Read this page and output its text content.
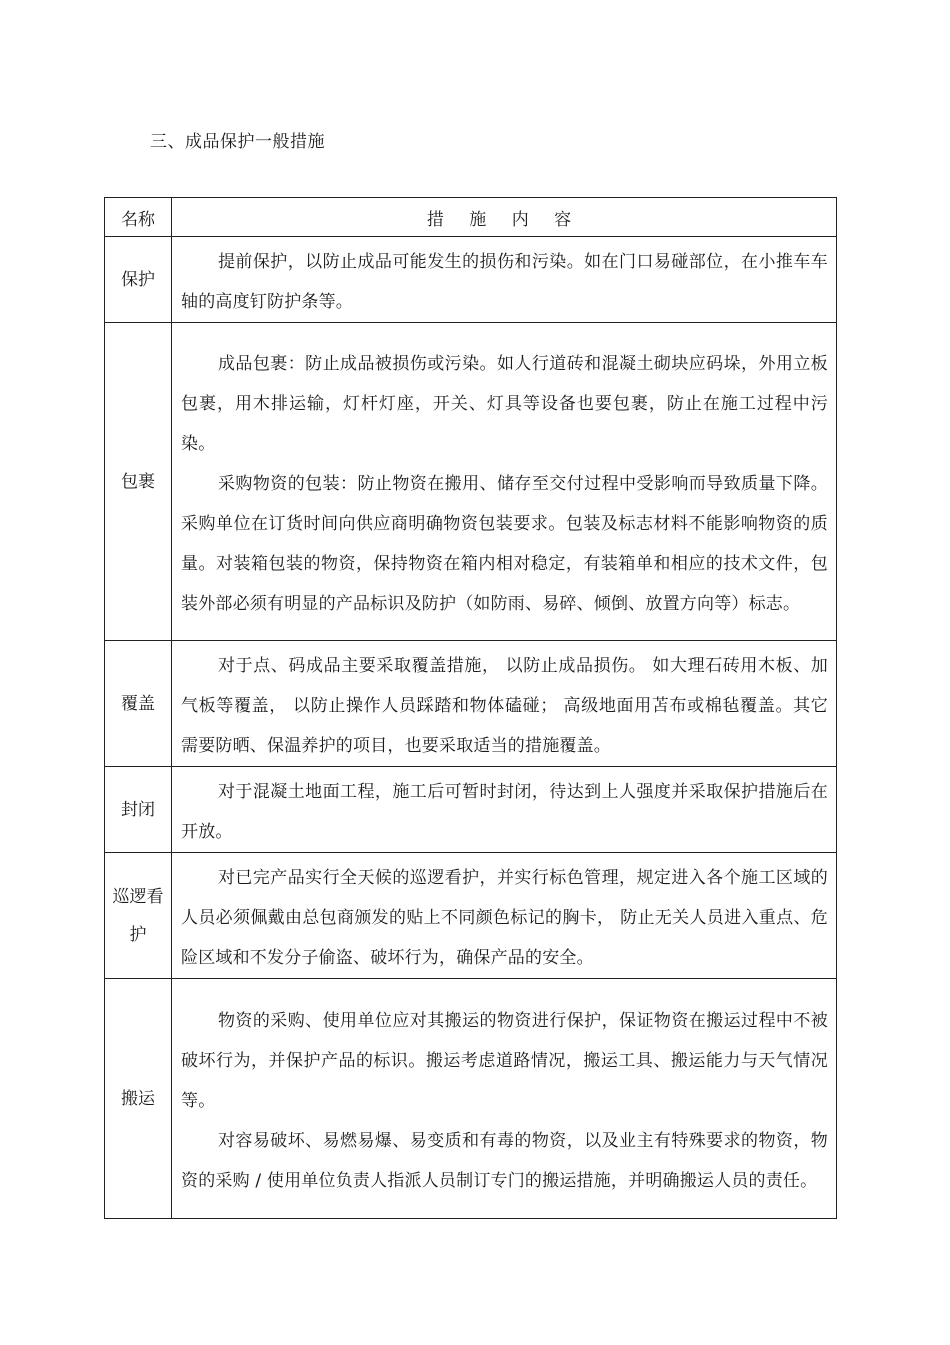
三、成品保护一般措施
名称	措 施 内 容
保护	提前保护，以防止成品可能发生的损伤和污染。如在门口易碰部位，在小推车车轴的高度钉防护条等。

包裹	成品包裹：防止成品被损伤或污染。如人行道砖和混凝土砌块应码垛，外用立板包裹，用木排运输，灯杆灯座，开关、灯具等设备也要包裹，防止在施工过程中污染。

采购物资的包装：防止物资在搬用、储存至交付过程中受影响而导致质量下降。采购单位在订货时间向供应商明确物资包装要求。包装及标志材料不能影响物资的质量。对装箱包装的物资，保持物资在箱内相对稳定，有装箱单和相应的技术文件，包装外部必须有明显的产品标识及防护（如防雨、易碎、倾倒、放置方向等）标志。

覆盖	对于点、码成品主要采取覆盖措施， 以防止成品损伤。 如大理石砖用木板、加气板等覆盖， 以防止操作人员踩踏和物体磕碰； 高级地面用苫布或棉毡覆盖。其它需要防晒、保温养护的项目，也要采取适当的措施覆盖。

封闭	对于混凝土地面工程，施工后可暂时封闭，待达到上人强度并采取保护措施后在开放。

巡逻看护	对已完产品实行全天候的巡逻看护，并实行标色管理，规定进入各个施工区域的人员必须佩戴由总包商颁发的贴上不同颜色标记的胸卡， 防止无关人员进入重点、危险区域和不发分子偷盗、破坏行为，确保产品的安全。

搬运	物资的采购、使用单位应对其搬运的物资进行保护，保证物资在搬运过程中不被破坏行为，并保护产品的标识。搬运考虑道路情况，搬运工具、搬运能力与天气情况等。

对容易破坏、易燃易爆、易变质和有毒的物资，以及业主有特殊要求的物资，物资的采购 / 使用单位负责人指派人员制订专门的搬运措施，并明确搬运人员的责任。
